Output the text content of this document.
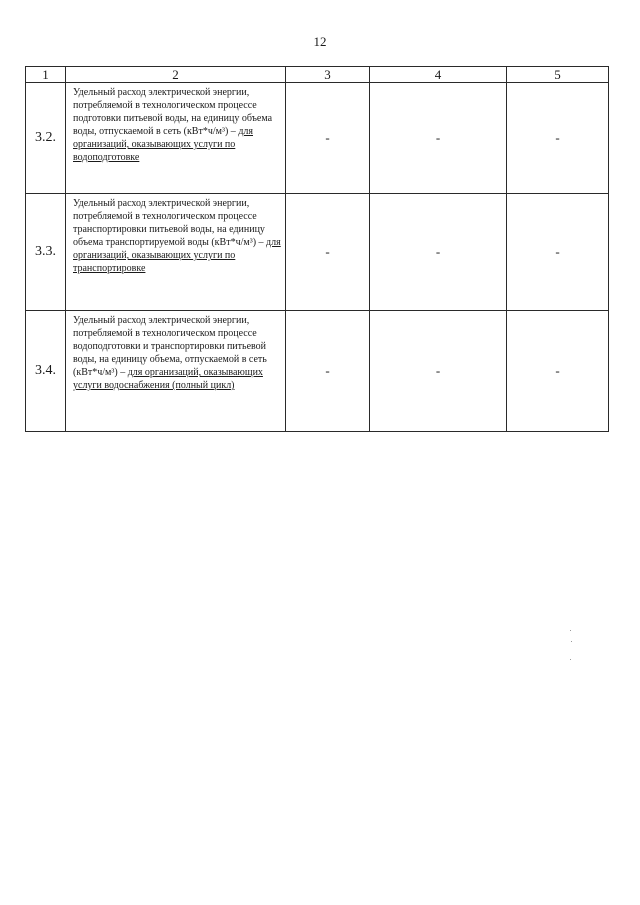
12
1	2	3	4	5
3.2.	Удельный расход электрической энергии, потребляемой в технологическом процессе подготовки питьевой воды, на единицу объема воды, отпускаемой в сеть (кВт*ч/м³) – для организаций, оказывающих услуги по водоподготовке	-	-	-
3.3.	Удельный расход электрической энергии, потребляемой в технологическом процессе транспортировки питьевой воды, на единицу объема транспортируемой воды (кВт*ч/м³) – для организаций, оказывающих услуги по транспортировке	-	-	-
3.4.	Удельный расход электрической энергии, потребляемой в технологическом процессе водоподготовки и транспортировки питьевой воды, на единицу объема, отпускаемой в сеть (кВт*ч/м³) – для организаций, оказывающих услуги водоснабжения (полный цикл)	-	-	-
